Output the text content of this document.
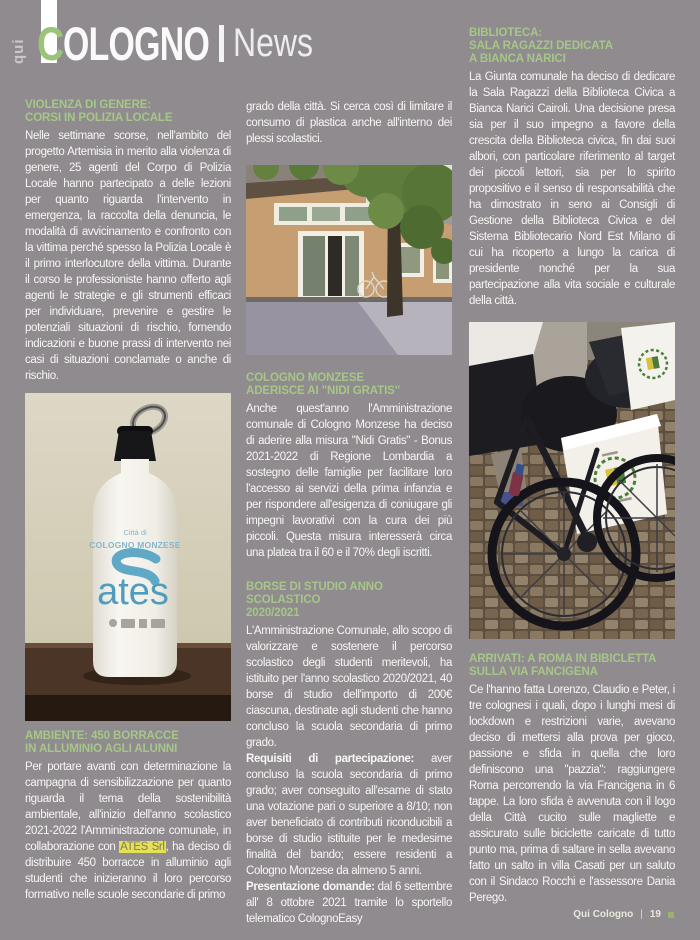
qui C
OLOGNO News
VIOLENZA DI GENERE:
CORSI IN POLIZIA LOCALE

Nelle settimane scorse, nell'ambito del progetto Artemisia in merito alla violenza di genere, 25 agenti del Corpo di Polizia Locale hanno partecipato a delle lezioni per quanto riguarda l'intervento in emergenza, la raccolta della denuncia, le modalità di avvicinamento e confronto con la vittima perché spesso la Polizia Locale è il primo interlocutore della vittima. Durante il corso le professioniste hanno offerto agli agenti le strategie e gli strumenti efficaci per individuare, prevenire e gestire le potenziali situazioni di rischio, fornendo indicazioni e buone prassi di intervento nei casi di situazioni conclamate o anche di rischio.

Città di
COLOGNO MONZESE
ates
AMBIENTE: 450 BORRACCE
IN ALLUMINIO AGLI ALUNNI

Per portare avanti con determinazione la campagna di sensibilizzazione per quanto riguarda il tema della sostenibilità ambientale, all'inizio dell'anno scolastico 2021-2022 l'Amministrazione comunale, in collaborazione con ATES Srl, ha deciso di distribuire 450 borracce in alluminio agli studenti che inizieranno il loro percorso formativo nelle scuole secondarie di primo

grado della città. Si cerca così di limitare il consumo di plastica anche all'interno dei plessi scolastici.

COLOGNO MONZESE
ADERISCE AI "NIDI GRATIS"

Anche quest'anno l'Amministrazione comunale di Cologno Monzese ha deciso di aderire alla misura "Nidi Gratis" - Bonus 2021-2022 di Regione Lombardia a sostegno delle famiglie per facilitare loro l'accesso ai servizi della prima infanzia e per rispondere all'esigenza di coniugare gli impegni lavorativi con la cura dei più piccoli. Questa misura interesserà circa una platea tra il 60 e il 70% degli iscritti.

BORSE DI STUDIO ANNO SCOLASTICO
2020/2021

L'Amministrazione Comunale, allo scopo di valorizzare e sostenere il percorso scolastico degli studenti meritevoli, ha istituito per l'anno scolastico 2020/2021, 40 borse di studio dell'importo di 200€ ciascuna, destinate agli studenti che hanno concluso la scuola secondaria di primo grado.

Requisiti di partecipazione: aver concluso la scuola secondaria di primo grado; aver conseguito all'esame di stato una votazione pari o superiore a 8/10; non aver beneficiato di contributi riconducibili a borse di studio istituite per le medesime finalità del bando; essere residenti a Cologno Monzese da almeno 5 anni.

Presentazione domande: dal 6 settembre all' 8 ottobre 2021 tramite lo sportello telematico ColognoEasy

BIBLIOTECA:
SALA RAGAZZI DEDICATA
A BIANCA NARICI

La Giunta comunale ha deciso di dedicare la Sala Ragazzi della Biblioteca Civica a Bianca Narici Cairoli. Una decisione presa sia per il suo impegno a favore della crescita della Biblioteca civica, fin dai suoi albori, con particolare riferimento al target dei piccoli lettori, sia per lo spirito propositivo e il senso di responsabilità che ha dimostrato in seno ai Consigli di Gestione della Biblioteca Civica e del Sistema Bibliotecario Nord Est Milano di cui ha ricoperto a lungo la carica di presidente nonché per la sua partecipazione alla vita sociale e culturale della città.

ARRIVATI: A ROMA IN BIBICLETTA
SULLA VIA FANCIGENA

Ce l'hanno fatta Lorenzo, Claudio e Peter, i tre colognesi i quali, dopo i lunghi mesi di lockdown e restrizioni varie, avevano deciso di mettersi alla prova per gioco, passione e sfida in quella che loro definiscono una "pazzia": raggiungere Roma percorrendo la via Francigena in 6 tappe. La loro sfida è avvenuta con il logo della Città cucito sulle magliette e assicurato sulle biciclette caricate di tutto punto ma, prima di saltare in sella avevano fatto un salto in villa Casati per un saluto con il Sindaco Rocchi e l'assessore Dania Perego.

Qui Cologno | 19
